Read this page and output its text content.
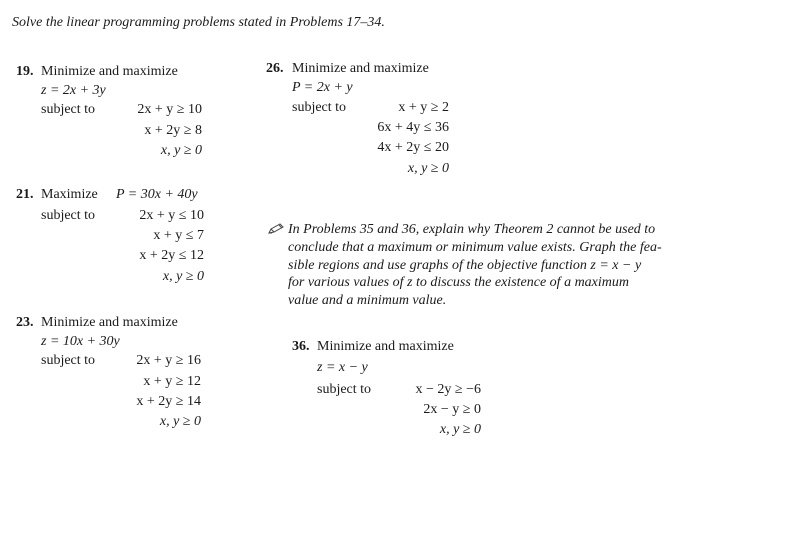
Solve the linear programming problems stated in Problems 17–34.
19. Minimize and maximize
z = 2x + 3y
subject to	2x + y ≥ 10
x + 2y ≥ 8
x, y ≥ 0
21. Maximize P = 30x + 40y
subject to	2x + y ≤ 10
x + y ≤ 7
x + 2y ≤ 12
x, y ≥ 0
23. Minimize and maximize
z = 10x + 30y
subject to	2x + y ≥ 16
x + y ≥ 12
x + 2y ≥ 14
x, y ≥ 0
26. Minimize and maximize
P = 2x + y
subject to	x + y ≥ 2
6x + 4y ≤ 36
4x + 2y ≤ 20
x, y ≥ 0
In Problems 35 and 36, explain why Theorem 2 cannot be used to
conclude that a maximum or minimum value exists. Graph the fea-
sible regions and use graphs of the objective function z = x − y
for various values of z to discuss the existence of a maximum
value and a minimum value.
36. Minimize and maximize
z = x − y
subject to	x − 2y ≥ −6
2x − y ≥ 0
x, y ≥ 0
